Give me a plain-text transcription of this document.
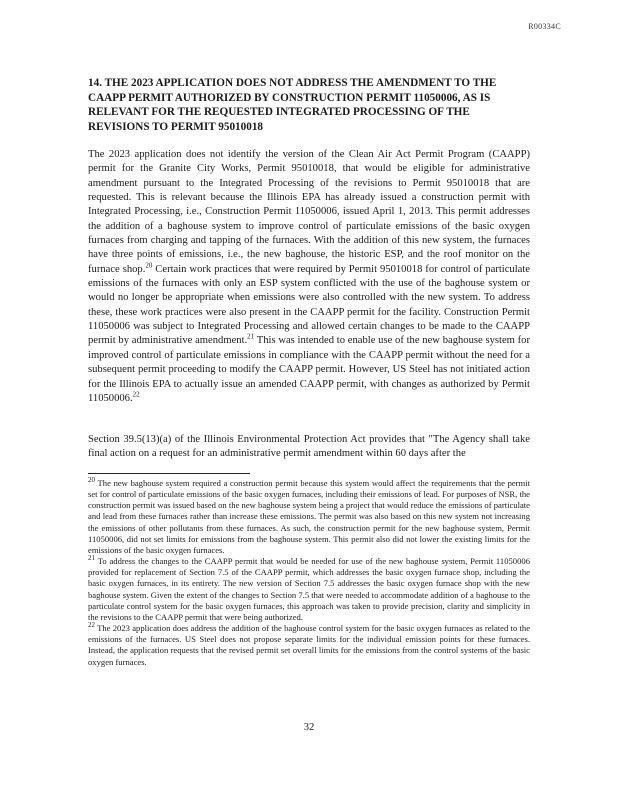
R00334C
14. THE 2023 APPLICATION DOES NOT ADDRESS THE AMENDMENT TO THE CAAPP PERMIT AUTHORIZED BY CONSTRUCTION PERMIT 11050006, AS IS RELEVANT FOR THE REQUESTED INTEGRATED PROCESSING OF THE REVISIONS TO PERMIT 95010018

The 2023 application does not identify the version of the Clean Air Act Permit Program (CAAPP) permit for the Granite City Works, Permit 95010018, that would be eligible for administrative amendment pursuant to the Integrated Processing of the revisions to Permit 95010018 that are requested. This is relevant because the Illinois EPA has already issued a construction permit with Integrated Processing, i.e., Construction Permit 11050006, issued April 1, 2013. This permit addresses the addition of a baghouse system to improve control of particulate emissions of the basic oxygen furnaces from charging and tapping of the furnaces. With the addition of this new system, the furnaces have three points of emissions, i.e., the new baghouse, the historic ESP, and the roof monitor on the furnace shop.$^{20}$ Certain work practices that were required by Permit 95010018 for control of particulate emissions of the furnaces with only an ESP system conflicted with the use of the baghouse system or would no longer be appropriate when emissions were also controlled with the new system. To address these, these work practices were also present in the CAAPP permit for the facility. Construction Permit 11050006 was subject to Integrated Processing and allowed certain changes to be made to the CAAPP permit by administrative amendment.$^{21}$ This was intended to enable use of the new baghouse system for improved control of particulate emissions in compliance with the CAAPP permit without the need for a subsequent permit proceeding to modify the CAAPP permit. However, US Steel has not initiated action for the Illinois EPA to actually issue an amended CAAPP permit, with changes as authorized by Permit 11050006.22

Section 39.5(13)(a) of the Illinois Environmental Protection Act provides that "The Agency shall take final action on a request for an administrative permit amendment within 60 days after the

$^{20}$ The new baghouse system required a construction permit because this system would affect the requirements that the permit set for control of particulate emissions of the basic oxygen furnaces, including their emissions of lead. For purposes of NSR, the construction permit was issued based on the new baghouse system being a project that would reduce the emissions of particulate and lead from these furnaces rather than increase these emissions. The permit was also based on this new system not increasing the emissions of other pollutants from these furnaces. As such, the construction permit for the new baghouse system, Permit 11050006, did not set limits for emissions from the baghouse system. This permit also did not lower the existing limits for the emissions of the basic oxygen furnaces.

$^{21}$ To address the changes to the CAAPP permit that would be needed for use of the new baghouse system, Permit 11050006 provided for replacement of Section 7.5 of the CAAPP permit, which addresses the basic oxygen furnace shop, including the basic oxygen furnaces, in its entirety. The new version of Section 7.5 addresses the basic oxygen furnace shop with the new baghouse system. Given the extent of the changes to Section 7.5 that were needed to accommodate addition of a baghouse to the particulate control system for the basic oxygen furnaces, this approach was taken to provide precision, clarity and simplicity in the revisions to the CAAPP permit that were being authorized.

$^{22}$ The 2023 application does address the addition of the baghouse control system for the basic oxygen furnaces as related to the emissions of the furnaces. US Steel does not propose separate limits for the individual emission points for these furnaces. Instead, the application requests that the revised permit set overall limits for the emissions from the control systems of the basic oxygen furnaces.

32
